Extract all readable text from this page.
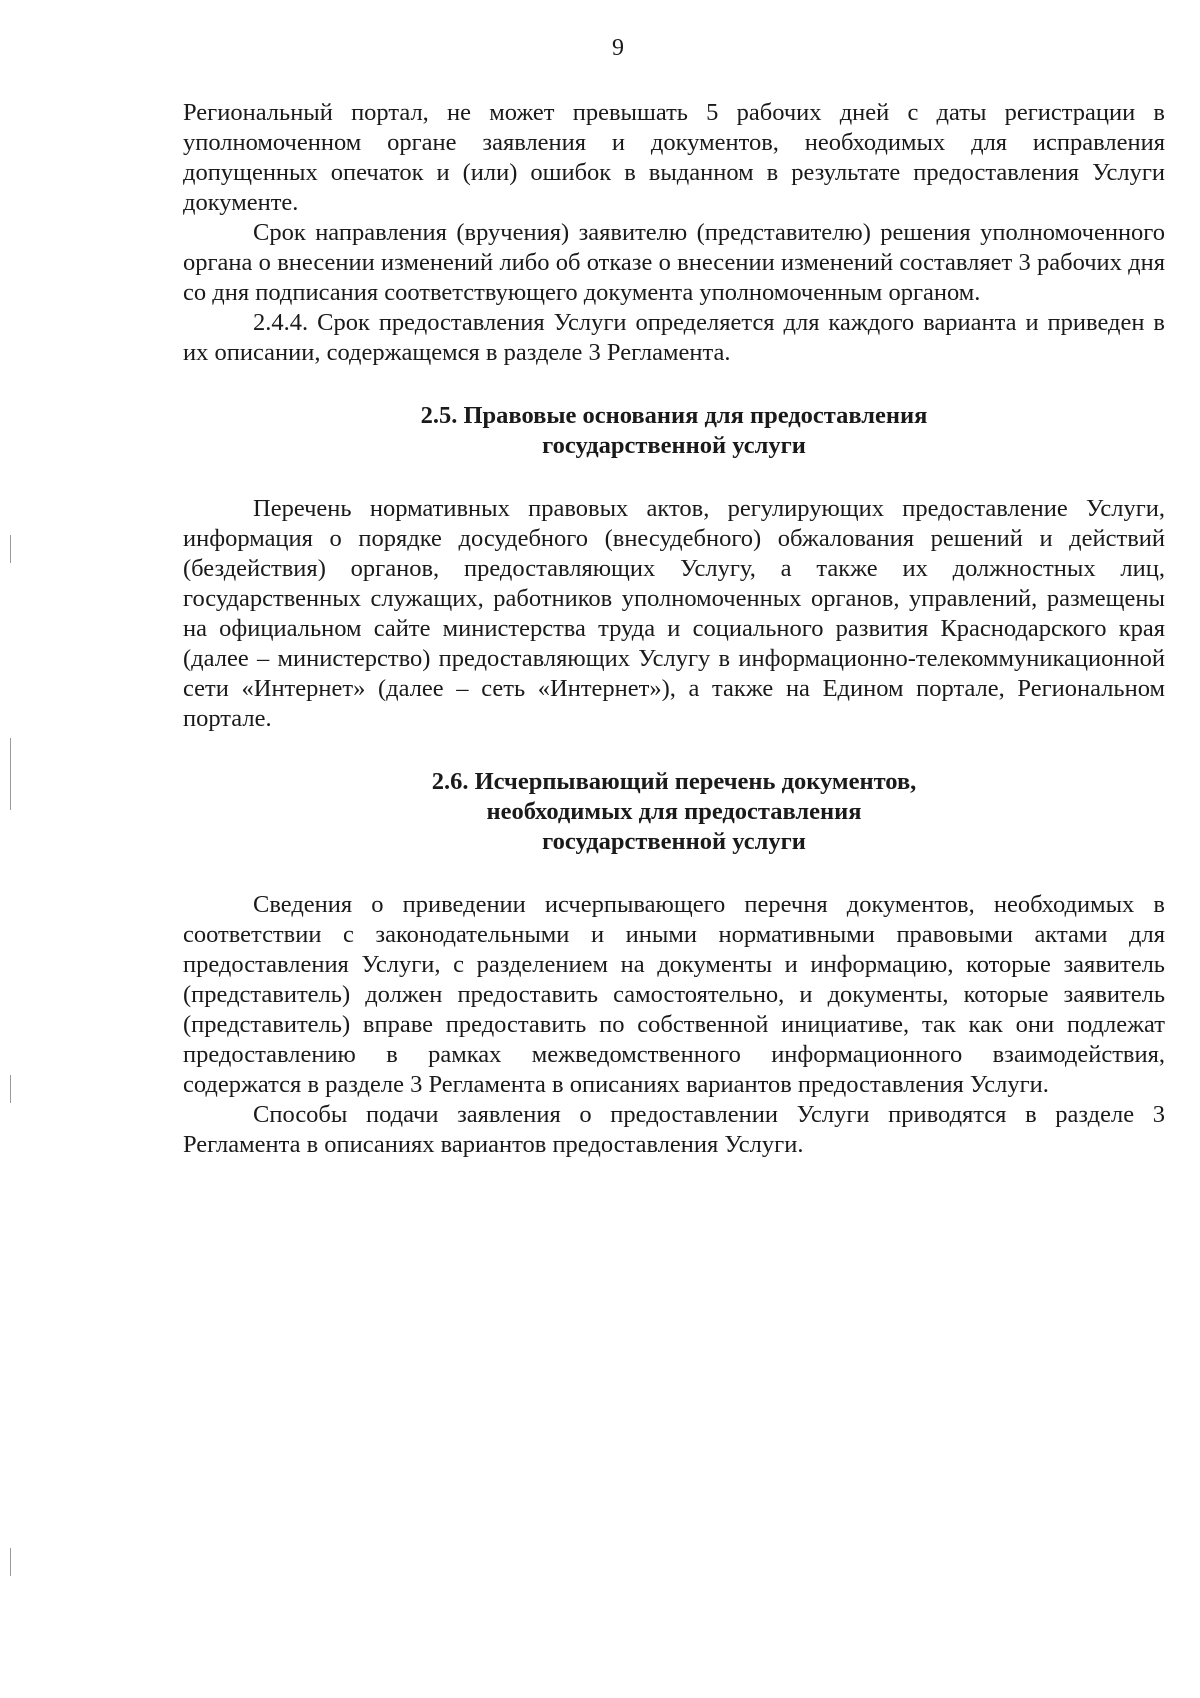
9

Региональный портал, не может превышать 5 рабочих дней с даты регистрации в уполномоченном органе заявления и документов, необходимых для исправления допущенных опечаток и (или) ошибок в выданном в результате предоставления Услуги документе.

Срок направления (вручения) заявителю (представителю) решения уполномоченного органа о внесении изменений либо об отказе о внесении изменений составляет 3 рабочих дня со дня подписания соответствующего документа уполномоченным органом.

2.4.4. Срок предоставления Услуги определяется для каждого варианта и приведен в их описании, содержащемся в разделе 3 Регламента.

2.5. Правовые основания для предоставления
государственной услуги

Перечень нормативных правовых актов, регулирующих предоставление Услуги, информация о порядке досудебного (внесудебного) обжалования решений и действий (бездействия) органов, предоставляющих Услугу, а также их должностных лиц, государственных служащих, работников уполномоченных органов, управлений, размещены на официальном сайте министерства труда и социального развития Краснодарского края (далее – министерство) предоставляющих Услугу в информационно-телекоммуникационной сети «Интернет» (далее – сеть «Интернет»), а также на Едином портале, Региональном портале.

2.6. Исчерпывающий перечень документов,
необходимых для предоставления
государственной услуги

Сведения о приведении исчерпывающего перечня документов, необходимых в соответствии с законодательными и иными нормативными правовыми актами для предоставления Услуги, с разделением на документы и информацию, которые заявитель (представитель) должен предоставить самостоятельно, и документы, которые заявитель (представитель) вправе предоставить по собственной инициативе, так как они подлежат предоставлению в рамках межведомственного информационного взаимодействия, содержатся в разделе 3 Регламента в описаниях вариантов предоставления Услуги.

Способы подачи заявления о предоставлении Услуги приводятся в разделе 3 Регламента в описаниях вариантов предоставления Услуги.
